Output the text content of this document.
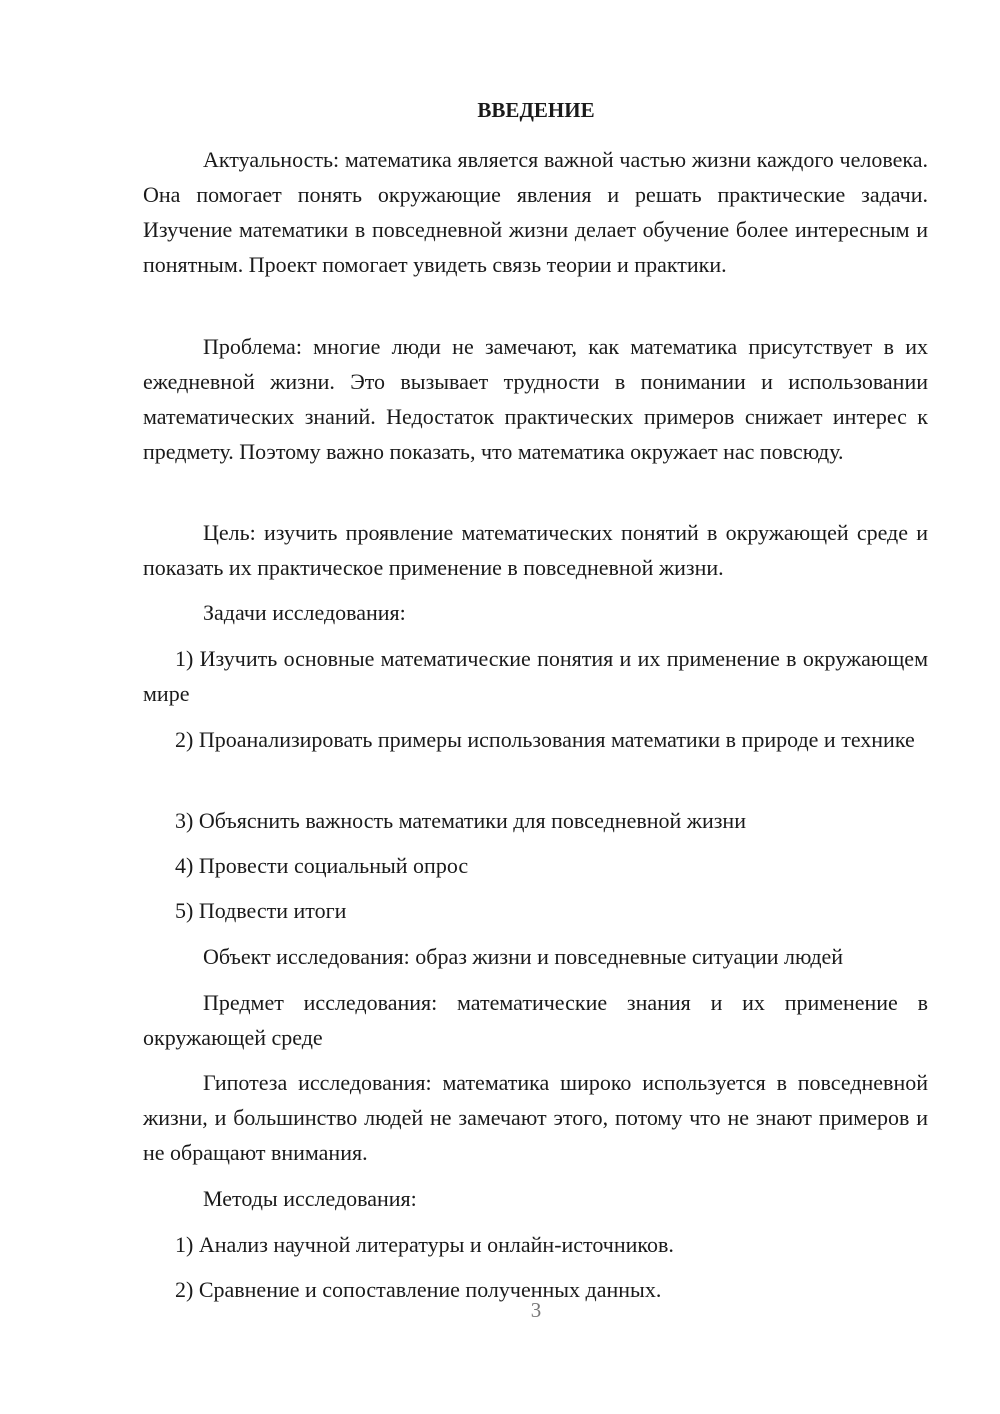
ВВЕДЕНИЕ

Актуальность: математика является важной частью жизни каждого человека. Она помогает понять окружающие явления и решать практические задачи. Изучение математики в повседневной жизни делает обучение более интересным и понятным. Проект помогает увидеть связь теории и практики.

Проблема: многие люди не замечают, как математика присутствует в их ежедневной жизни. Это вызывает трудности в понимании и использовании математических знаний. Недостаток практических примеров снижает интерес к предмету. Поэтому важно показать, что математика окружает нас повсюду.

Цель: изучить проявление математических понятий в окружающей среде и показать их практическое применение в повседневной жизни.

Задачи исследования:

1) Изучить основные математические понятия и их применение в окружающем мире

2) Проанализировать примеры использования математики в природе и технике

3) Объяснить важность математики для повседневной жизни

4) Провести социальный опрос

5) Подвести итоги

Объект исследования: образ жизни и повседневные ситуации людей

Предмет исследования: математические знания и их применение в окружающей среде

Гипотеза исследования: математика широко используется в повседневной жизни, и большинство людей не замечают этого, потому что не знают примеров и не обращают внимания.

Методы исследования:

1) Анализ научной литературы и онлайн-источников.

2) Сравнение и сопоставление полученных данных.

3
